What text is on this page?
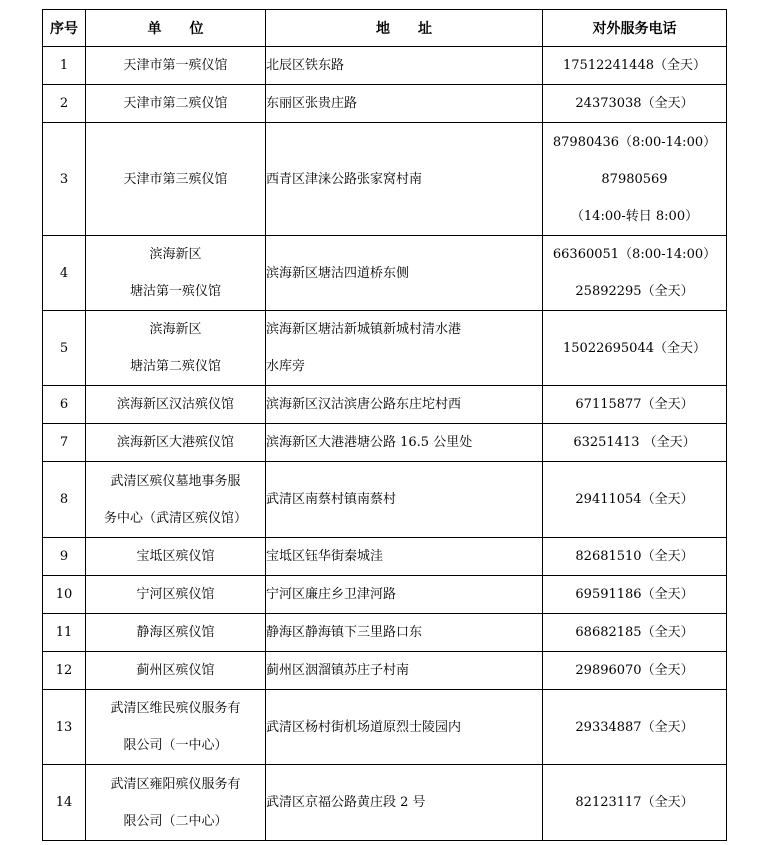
序号	单位	地址	对外服务电话
1	天津市第一殡仪馆	北辰区铁东路	17512241448（全天）

2	天津市第二殡仪馆	东丽区张贵庄路	24373038（全天）

3	天津市第三殡仪馆	西青区津涞公路张家窝村南	87980436（8:00-14:00）
87980569
（14:00-转日 8:00）

4	滨海新区
塘沽第一殡仪馆	滨海新区塘沽四道桥东侧	66360051（8:00-14:00）
25892295（全天）

5	滨海新区
塘沽第二殡仪馆	滨海新区塘沽新城镇新城村清水港
水库旁	15022695044（全天）

6	滨海新区汉沽殡仪馆	滨海新区汉沽滨唐公路东庄坨村西	67115877（全天）

7	滨海新区大港殡仪馆	滨海新区大港港塘公路 16.5 公里处	63251413 （全天）

8	武清区殡仪墓地事务服
务中心（武清区殡仪馆）	武清区南蔡村镇南蔡村	29411054（全天）

9	宝坻区殡仪馆	宝坻区钰华街秦城洼	82681510（全天）

10	宁河区殡仪馆	宁河区廉庄乡卫津河路	69591186（全天）

11	静海区殡仪馆	静海区静海镇下三里路口东	68682185（全天）

12	蓟州区殡仪馆	蓟州区洇溜镇苏庄子村南	29896070（全天）

13	武清区维民殡仪服务有
限公司（一中心）	武清区杨村街机场道原烈士陵园内	29334887（全天）

14	武清区雍阳殡仪服务有
限公司（二中心）	武清区京福公路黄庄段 2 号	82123117（全天）
